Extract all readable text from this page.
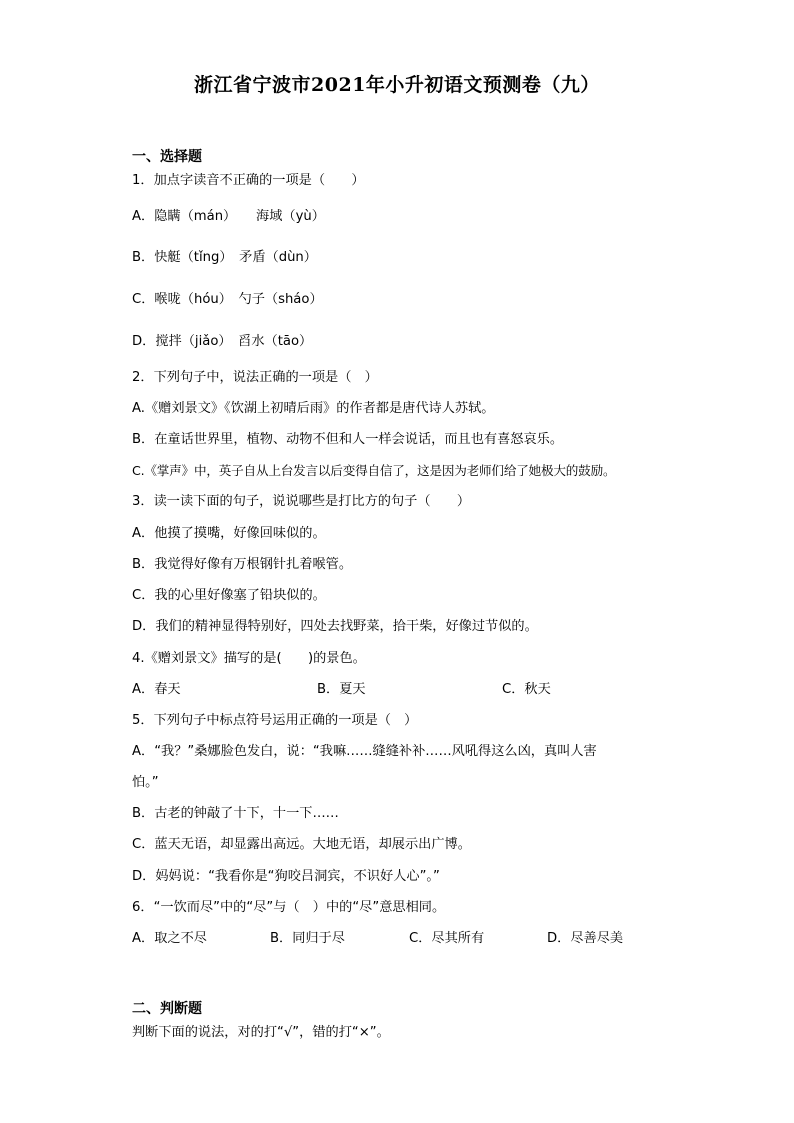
浙江省宁波市2021年小升初语文预测卷（九）
一、选择题
1．加点字读音不正确的一项是（　　）
A．隐瞒（mán）　　海域（yù）
B．快艇（tǐng）　矛盾（dùn）
C．喉咙（hóu）　勺子（sháo）
D．搅拌（jiǎo）　舀水（tāo）
2．下列句子中，说法正确的一项是（　）
A.《赠刘景文》《饮湖上初晴后雨》的作者都是唐代诗人苏轼。
B．在童话世界里，植物、动物不但和人一样会说话，而且也有喜怒哀乐。
C.《掌声》中，英子自从上台发言以后变得自信了，这是因为老师们给了她极大的鼓励。
3．读一读下面的句子，说说哪些是打比方的句子（　　）
A．他摸了摸嘴，好像回味似的。
B．我觉得好像有万根钢针扎着喉管。
C．我的心里好像塞了铅块似的。
D．我们的精神显得特别好，四处去找野菜，拾干柴，好像过节似的。
4.《赠刘景文》描写的是(　　)的景色。
A．春天	B．夏天	C．秋天
5．下列句子中标点符号运用正确的一项是（　）
A．“我？”桑娜脸色发白，说：“我嘛……缝缝补补……风吼得这么凶，真叫人害
怕。”
B．古老的钟敲了十下，十一下……
C．蓝天无语，却显露出高远。大地无语，却展示出广博。
D．妈妈说：“我看你是“狗咬吕洞宾，不识好人心”。”
6．“一饮而尽”中的“尽”与（　）中的“尽”意思相同。
A．取之不尽	B．同归于尽	C．尽其所有	D．尽善尽美
二、判断题
判断下面的说法，对的打“√”，错的打“×”。
